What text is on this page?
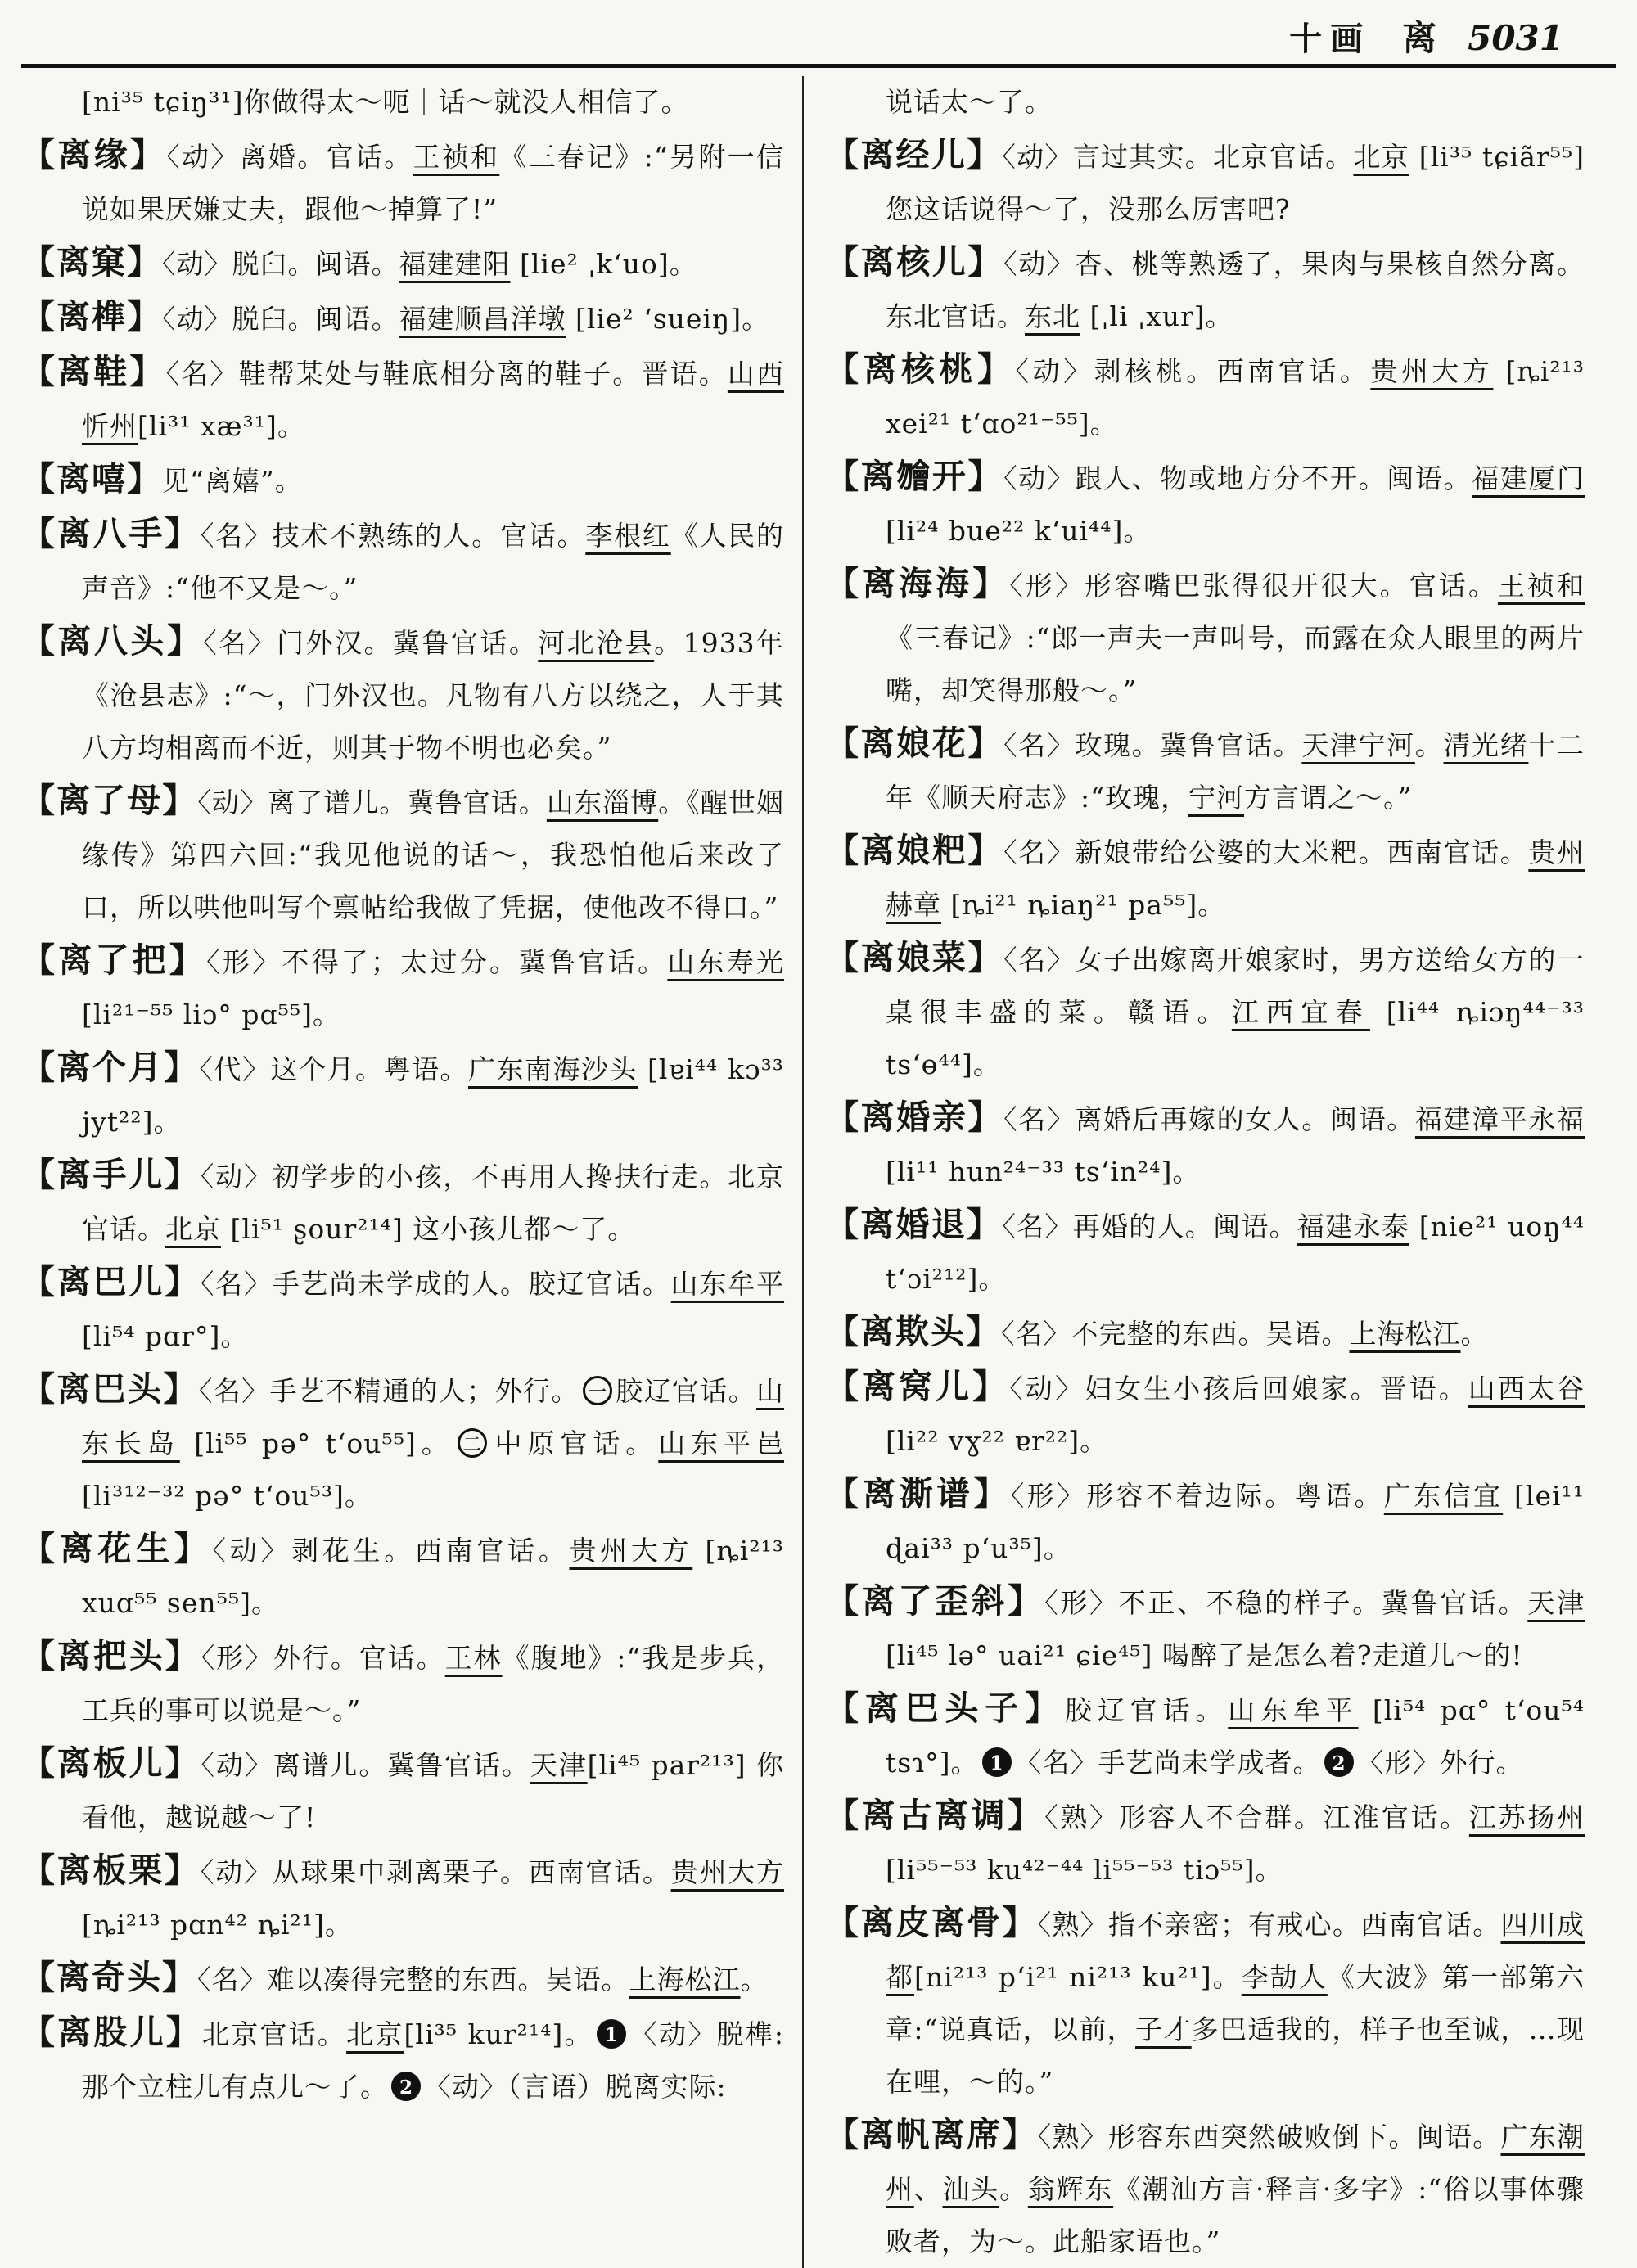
十画 离 5031
[ni³⁵ tɕiŋ³¹]你做得太～呃｜话～就没人相信了。
【离缘】〈动〉离婚。官话。王祯和《三春记》:“另附一信说如果厌嫌丈夫，跟他～掉算了!”
【离窠】〈动〉脱臼。闽语。福建建阳 [lie² ˌk‘uo]。
【离榫】〈动〉脱臼。闽语。福建顺昌洋墩 [lie² ‘sueiŋ]。
【离鞋】〈名〉鞋帮某处与鞋底相分离的鞋子。晋语。山西忻州[li³¹ xæ³¹]。
【离嘻】见“离嬉”。
【离八手】〈名〉技术不熟练的人。官话。李根红《人民的声音》:“他不又是～。”
【离八头】〈名〉门外汉。冀鲁官话。河北沧县。1933年《沧县志》:“～，门外汉也。凡物有八方以绕之，人于其八方均相离而不近，则其于物不明也必矣。”
【离了母】〈动〉离了谱儿。冀鲁官话。山东淄博。《醒世姻缘传》第四六回:“我见他说的话～，我恐怕他后来改了口，所以哄他叫写个禀帖给我做了凭据，使他改不得口。”
【离了把】〈形〉不得了；太过分。冀鲁官话。山东寿光 [li²¹⁻⁵⁵ liɔ° pɑ⁵⁵]。
【离个月】〈代〉这个月。粤语。广东南海沙头 [lɐi⁴⁴ kɔ³³ jyt²²]。
【离手儿】〈动〉初学步的小孩，不再用人搀扶行走。北京官话。北京 [li⁵¹ ʂour²¹⁴] 这小孩儿都～了。
【离巴儿】〈名〉手艺尚未学成的人。胶辽官话。山东牟平 [li⁵⁴ pɑr°]。
【离巴头】〈名〉手艺不精通的人；外行。 一 胶辽官话。山东长岛 [li⁵⁵ pə° t‘ou⁵⁵]。 二 中原官话。山东平邑 [li³¹²⁻³² pə° t‘ou⁵³]。
【离花生】〈动〉剥花生。西南官话。贵州大方 [ȵi²¹³ xuɑ⁵⁵ sen⁵⁵]。
【离把头】〈形〉外行。官话。王林《腹地》:“我是步兵，工兵的事可以说是～。”
【离板儿】〈动〉离谱儿。冀鲁官话。天津[li⁴⁵ par²¹³] 你看他，越说越～了!
【离板栗】〈动〉从球果中剥离栗子。西南官话。贵州大方 [ȵi²¹³ pɑn⁴² ȵi²¹]。
【离奇头】〈名〉难以凑得完整的东西。吴语。上海松江。
【离股儿】北京官话。北京[li³⁵ kur²¹⁴]。 1 〈动〉脱榫:那个立柱儿有点儿～了。 2 〈动〉（言语）脱离实际:
说话太～了。
【离经儿】〈动〉言过其实。北京官话。北京 [li³⁵ tɕiãr⁵⁵] 您这话说得～了，没那么厉害吧?
【离核儿】〈动〉杏、桃等熟透了，果肉与果核自然分离。东北官话。东北 [ˌli ˌxur]。
【离核桃】〈动〉剥核桃。西南官话。贵州大方 [ȵi²¹³ xei²¹ t‘ɑo²¹⁻⁵⁵]。
【离𣍐开】〈动〉跟人、物或地方分不开。闽语。福建厦门 [li²⁴ bue²² k‘ui⁴⁴]。
【离海海】〈形〉形容嘴巴张得很开很大。官话。王祯和《三春记》:“郎一声夫一声叫号，而露在众人眼里的两片嘴，却笑得那般～。”
【离娘花】〈名〉玫瑰。冀鲁官话。天津宁河。清光绪十二年《顺天府志》:“玫瑰，宁河方言谓之～。”
【离娘粑】〈名〉新娘带给公婆的大米粑。西南官话。贵州赫章 [ȵi²¹ ȵiaŋ²¹ pa⁵⁵]。
【离娘菜】〈名〉女子出嫁离开娘家时，男方送给女方的一桌很丰盛的菜。赣语。江西宜春 [li⁴⁴ ȵiɔŋ⁴⁴⁻³³ ts‘ɵ⁴⁴]。
【离婚亲】〈名〉离婚后再嫁的女人。闽语。福建漳平永福 [li¹¹ hun²⁴⁻³³ ts‘in²⁴]。
【离婚退】〈名〉再婚的人。闽语。福建永泰 [nie²¹ uoŋ⁴⁴ t‘ɔi²¹²]。
【离欺头】〈名〉不完整的东西。吴语。上海松江。
【离窝儿】〈动〉妇女生小孩后回娘家。晋语。山西太谷 [li²² vɣ²² ɐr²²]。
【离澌谱】〈形〉形容不着边际。粤语。广东信宜 [lei¹¹ ɖai³³ p‘u³⁵]。
【离了歪斜】〈形〉不正、不稳的样子。冀鲁官话。天津 [li⁴⁵ lə° uai²¹ ɕie⁴⁵] 喝醉了是怎么着?走道儿～的!
【离巴头子】胶辽官话。山东牟平 [li⁵⁴ pɑ° t‘ou⁵⁴ tsɿ°]。 1 〈名〉手艺尚未学成者。 2 〈形〉外行。
【离古离调】〈熟〉形容人不合群。江淮官话。江苏扬州 [li⁵⁵⁻⁵³ ku⁴²⁻⁴⁴ li⁵⁵⁻⁵³ tiɔ⁵⁵]。
【离皮离骨】〈熟〉指不亲密；有戒心。西南官话。四川成都[ni²¹³ p‘i²¹ ni²¹³ ku²¹]。李劼人《大波》第一部第六章:“说真话，以前，子才多巴适我的，样子也至诚，…现在哩，～的。”
【离帆离席】〈熟〉形容东西突然破败倒下。闽语。广东潮州、汕头。翁辉东《潮汕方言·释言·多字》:“俗以事体骤败者，为～。此船家语也。”
